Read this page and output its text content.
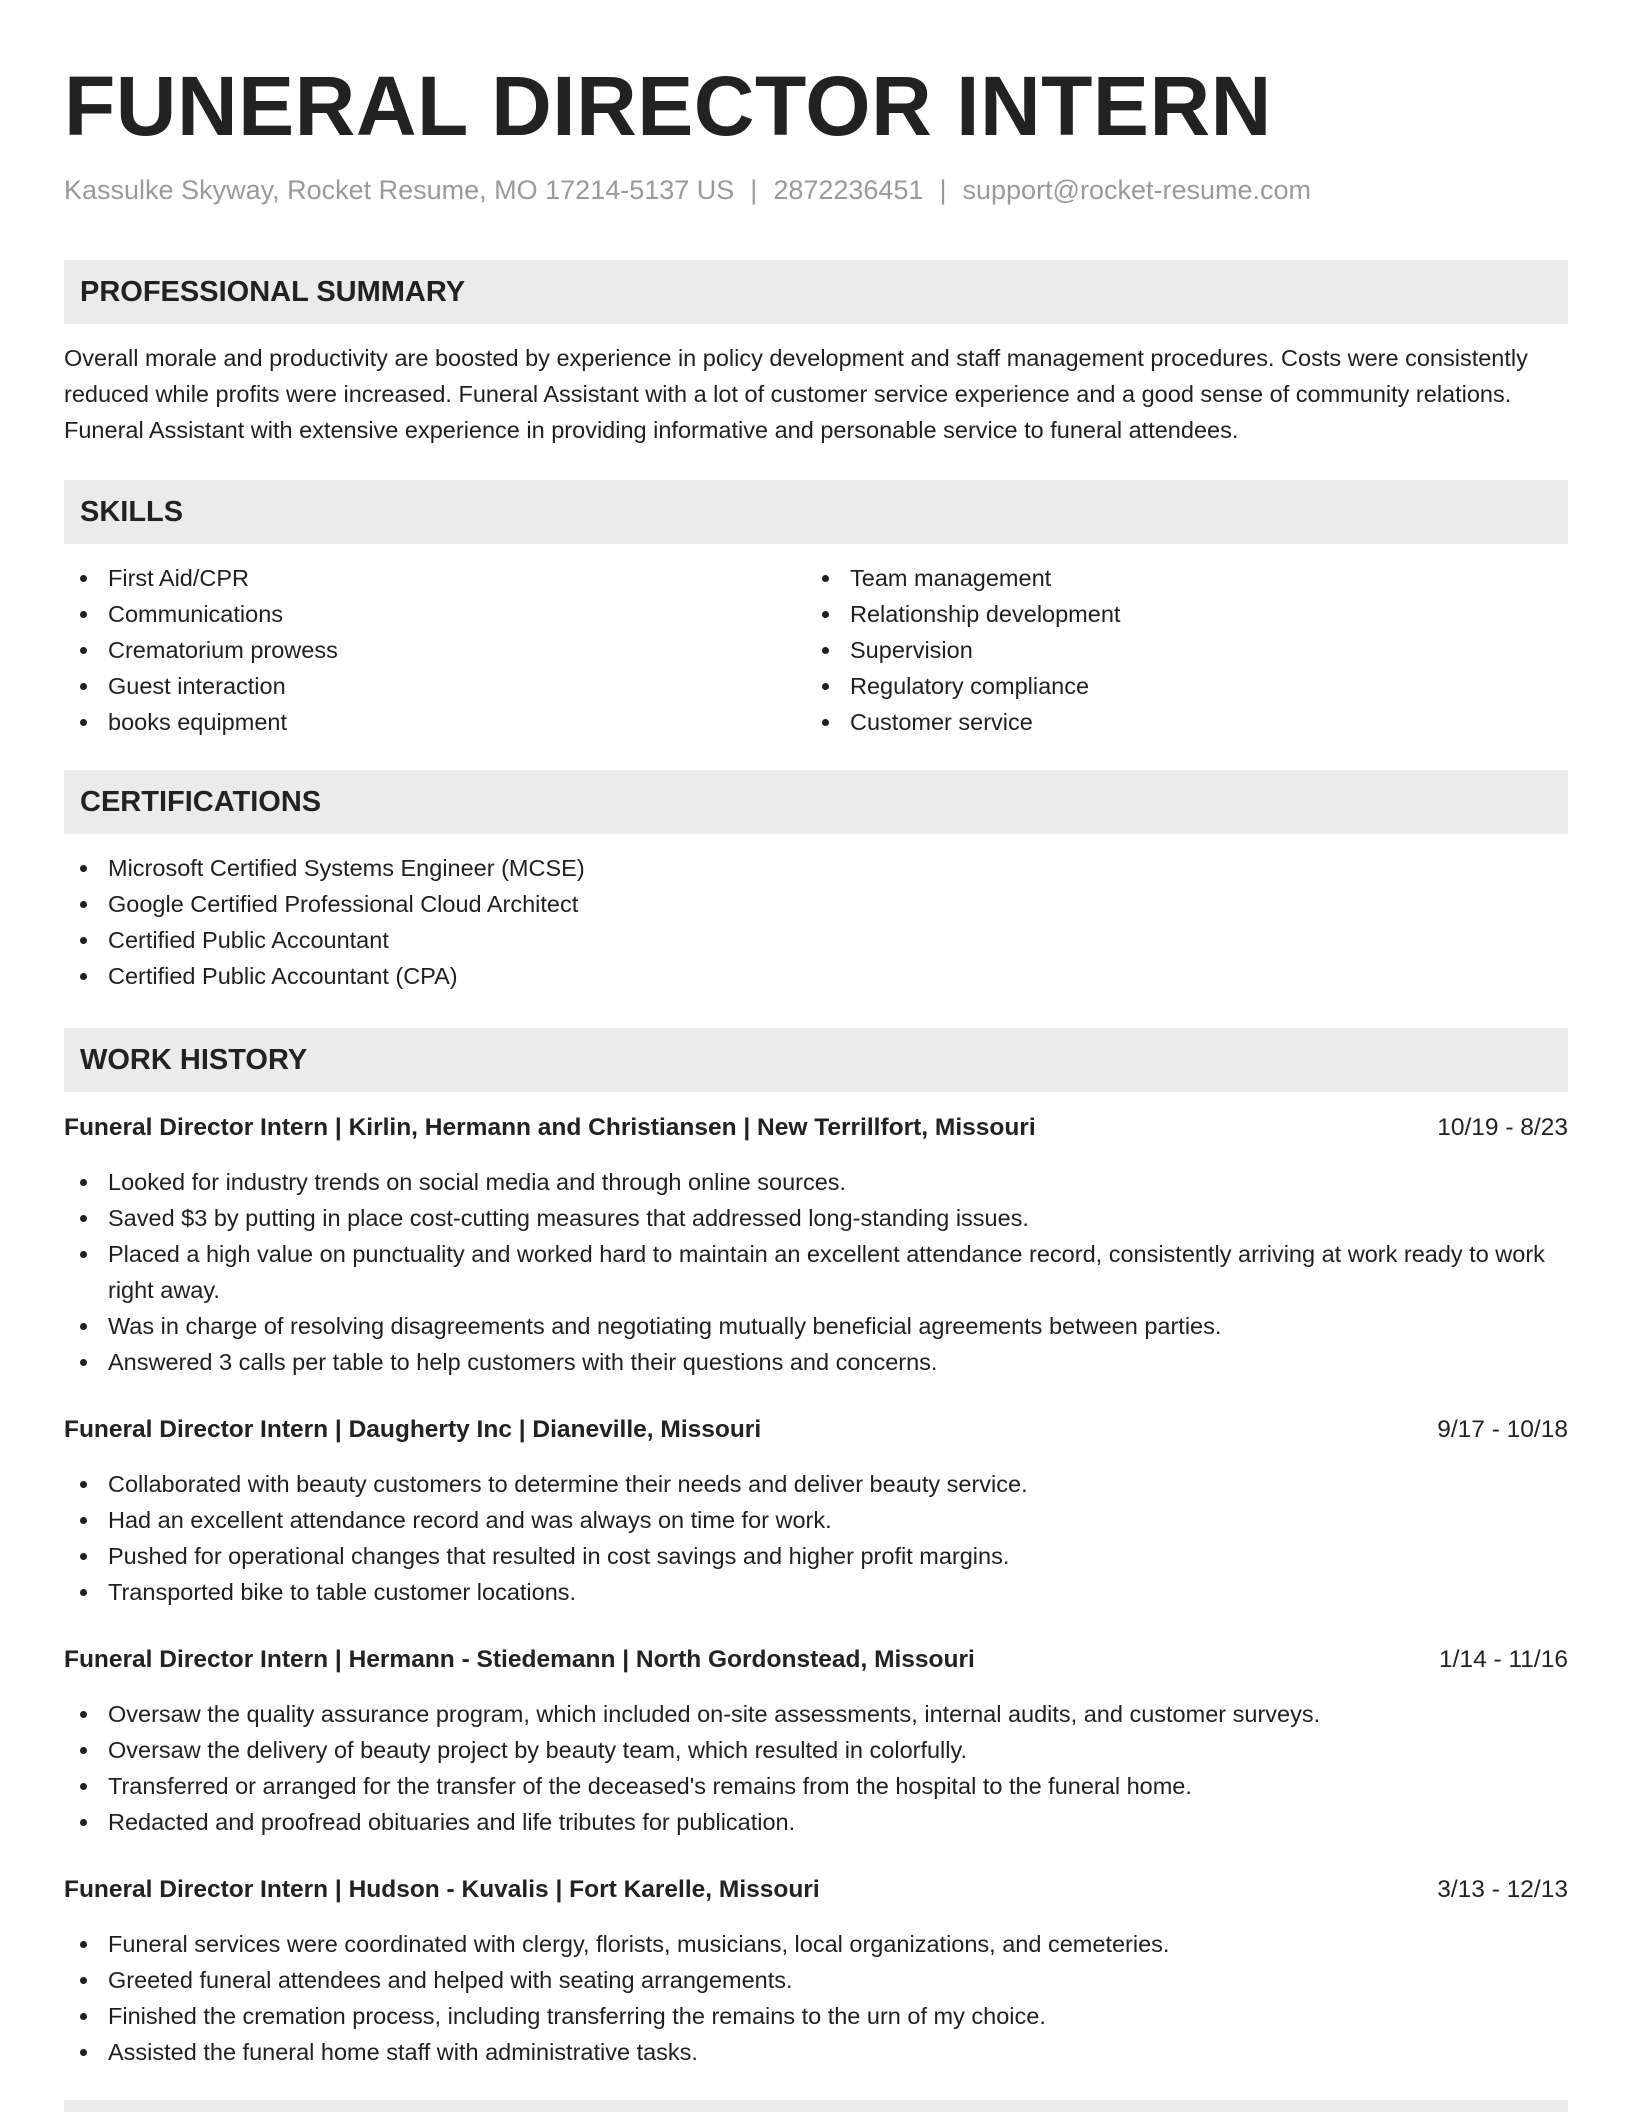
FUNERAL DIRECTOR INTERN
Kassulke Skyway, Rocket Resume, MO 17214-5137 US | 2872236451 | support@rocket-resume.com
PROFESSIONAL SUMMARY

Overall morale and productivity are boosted by experience in policy development and staff management procedures. Costs were consistently reduced while profits were increased. Funeral Assistant with a lot of customer service experience and a good sense of community relations. Funeral Assistant with extensive experience in providing informative and personable service to funeral attendees.

SKILLS
First Aid/CPR
Communications
Crematorium prowess
Guest interaction
books equipment
Team management
Relationship development
Supervision
Regulatory compliance
Customer service
CERTIFICATIONS
Microsoft Certified Systems Engineer (MCSE)
Google Certified Professional Cloud Architect
Certified Public Accountant
Certified Public Accountant (CPA)
WORK HISTORY
Funeral Director Intern | Kirlin, Hermann and Christiansen | New Terrillfort, Missouri	10/19 - 8/23
Looked for industry trends on social media and through online sources.
Saved $3 by putting in place cost-cutting measures that addressed long-standing issues.
Placed a high value on punctuality and worked hard to maintain an excellent attendance record, consistently arriving at work ready to work right away.
Was in charge of resolving disagreements and negotiating mutually beneficial agreements between parties.
Answered 3 calls per table to help customers with their questions and concerns.
Funeral Director Intern | Daugherty Inc | Dianeville, Missouri	9/17 - 10/18
Collaborated with beauty customers to determine their needs and deliver beauty service.
Had an excellent attendance record and was always on time for work.
Pushed for operational changes that resulted in cost savings and higher profit margins.
Transported bike to table customer locations.
Funeral Director Intern | Hermann - Stiedemann | North Gordonstead, Missouri	1/14 - 11/16
Oversaw the quality assurance program, which included on-site assessments, internal audits, and customer surveys.
Oversaw the delivery of beauty project by beauty team, which resulted in colorfully.
Transferred or arranged for the transfer of the deceased's remains from the hospital to the funeral home.
Redacted and proofread obituaries and life tributes for publication.
Funeral Director Intern | Hudson - Kuvalis | Fort Karelle, Missouri	3/13 - 12/13
Funeral services were coordinated with clergy, florists, musicians, local organizations, and cemeteries.
Greeted funeral attendees and helped with seating arrangements.
Finished the cremation process, including transferring the remains to the urn of my choice.
Assisted the funeral home staff with administrative tasks.
